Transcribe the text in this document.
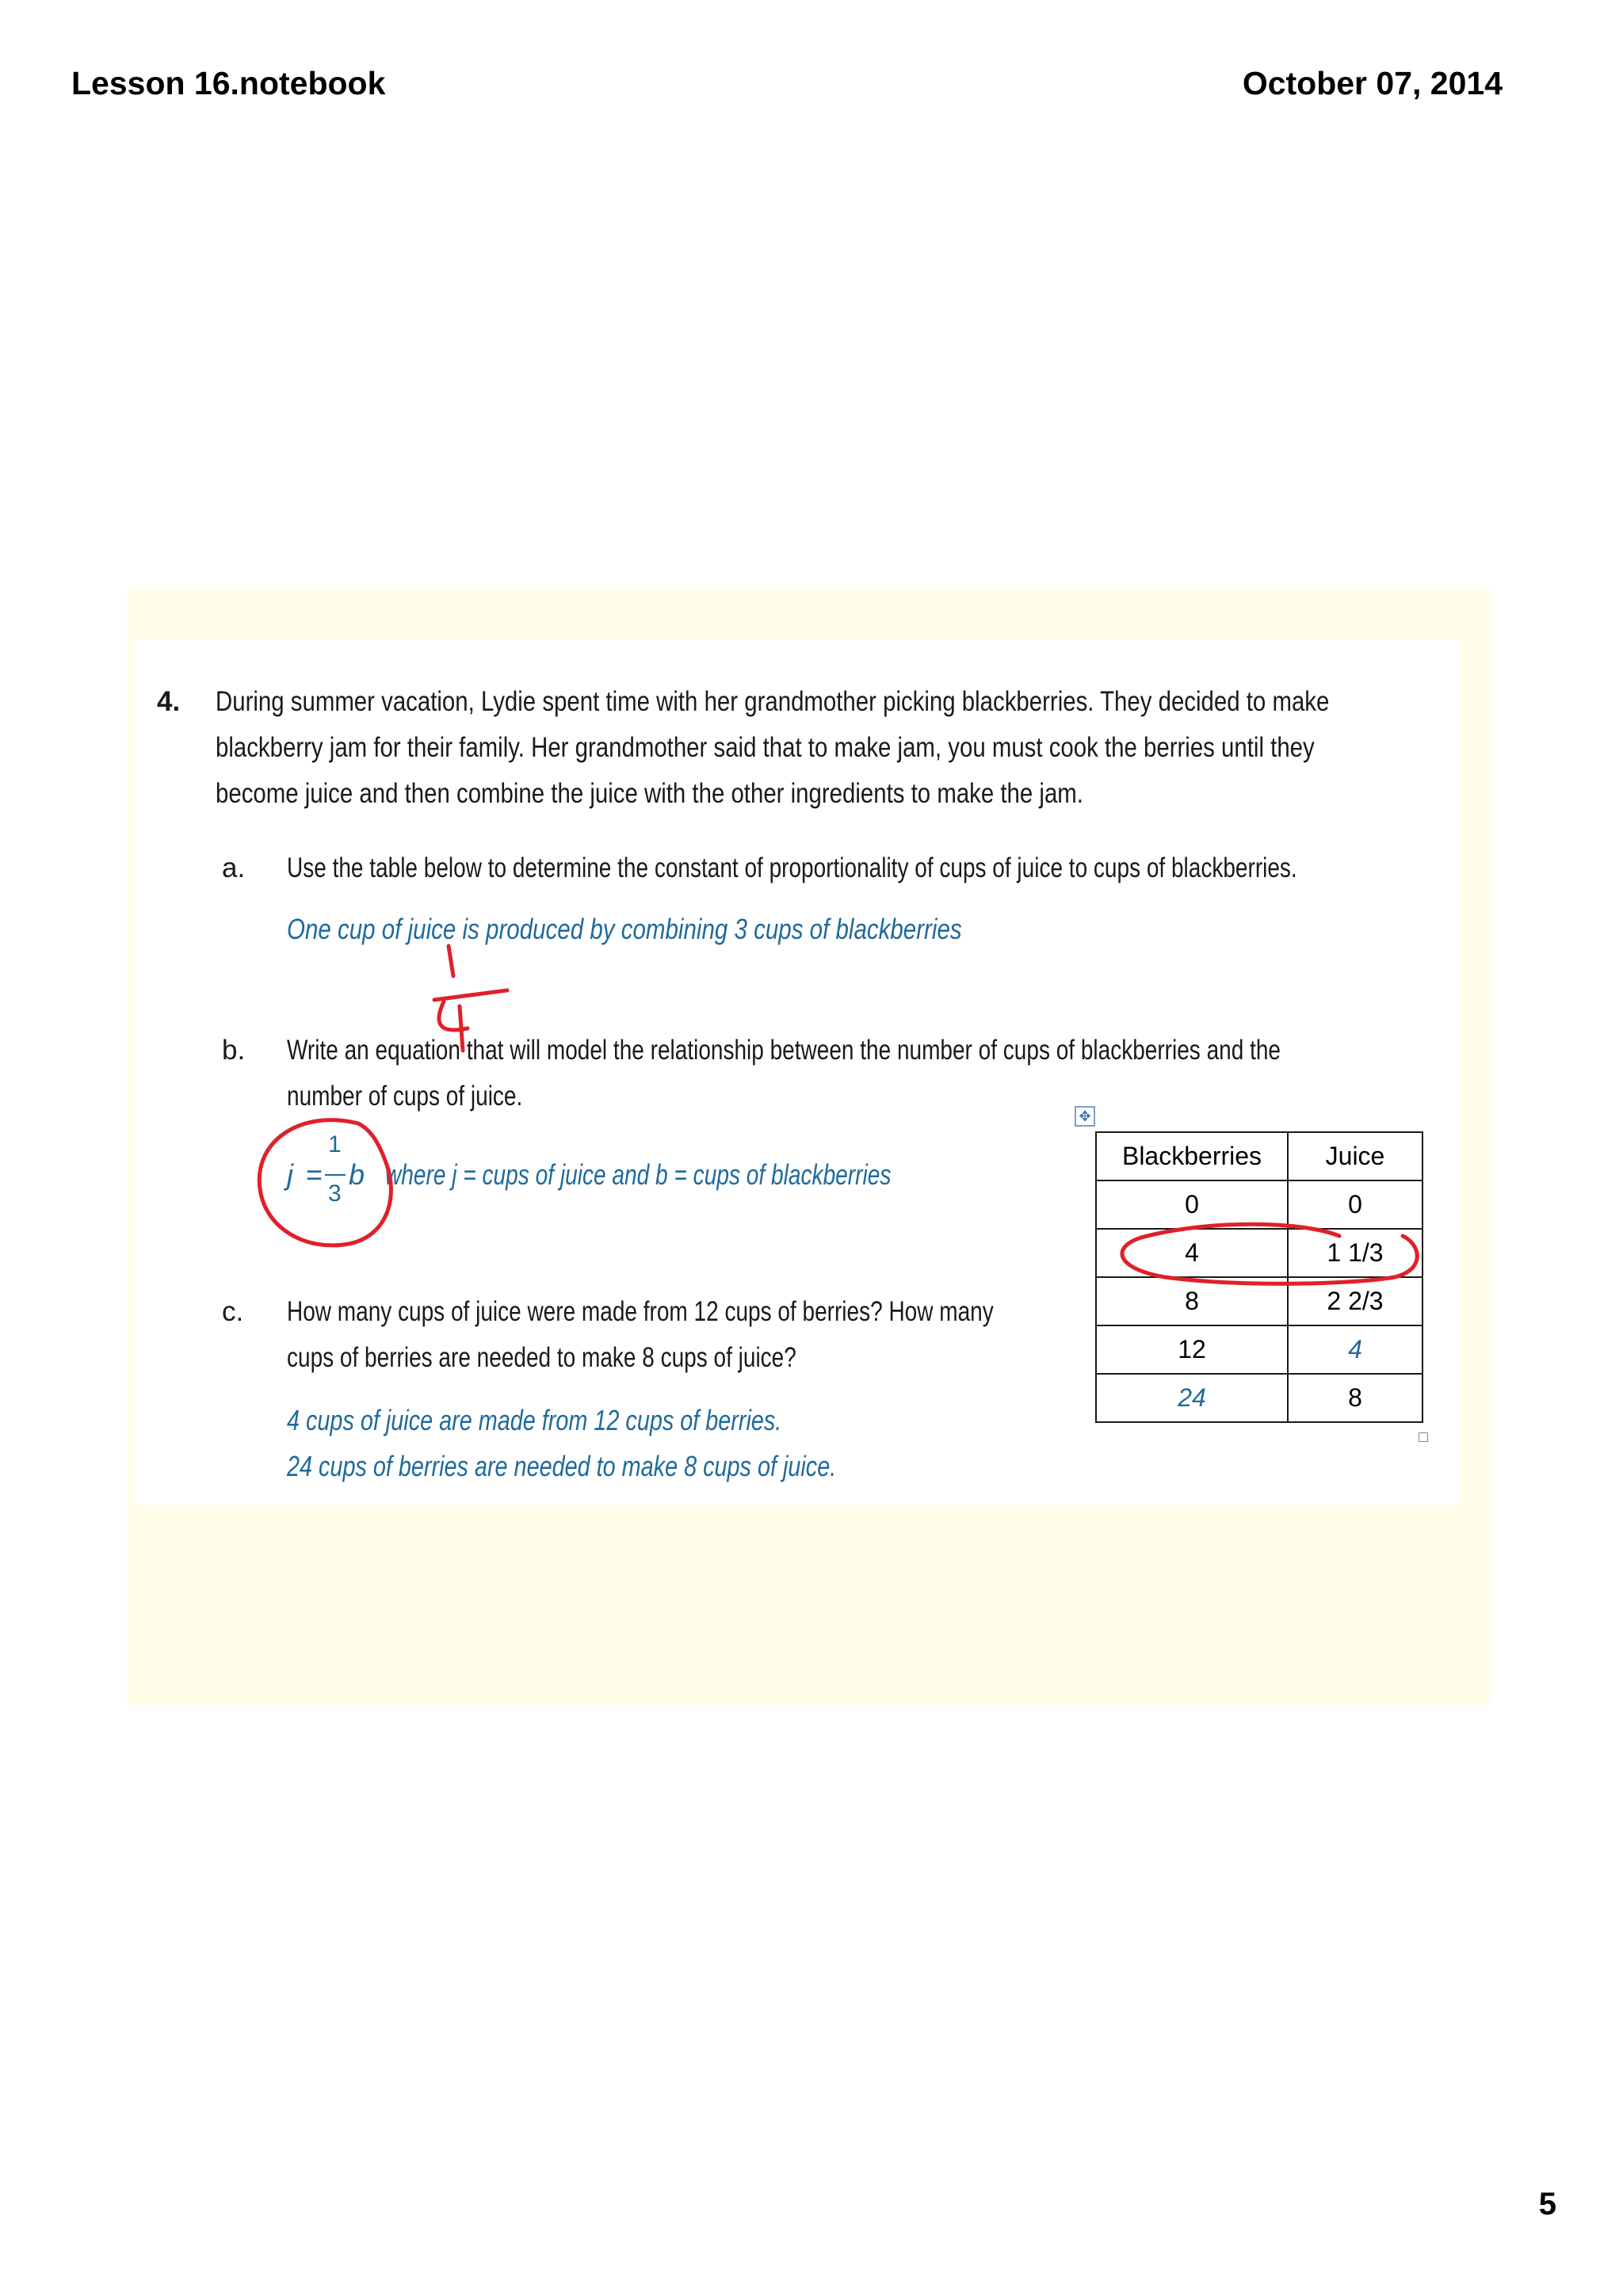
Lesson 16.notebook	October 07, 2014
4. During summer vacation, Lydie spent time with her grandmother picking blackberries. They decided to make
blackberry jam for their family. Her grandmother said that to make jam, you must cook the berries until they
become juice and then combine the juice with the other ingredients to make the jam.
a. Use the table below to determine the constant of proportionality of cups of juice to cups of blackberries.
One cup of juice is produced by combining 3 cups of blackberries
b. Write an equation that will model the relationship between the number of cups of blackberries and the
number of cups of juice.
j =
1
3
b where j = cups of juice and b = cups of blackberries
c. How many cups of juice were made from 12 cups of berries? How many
cups of berries are needed to make 8 cups of juice?
4 cups of juice are made from 12 cups of berries.
24 cups of berries are needed to make 8 cups of juice.
✥
Blackberries	Juice
0	0
4	1 1/3
8	2 2/3
12	4
24	8
5
